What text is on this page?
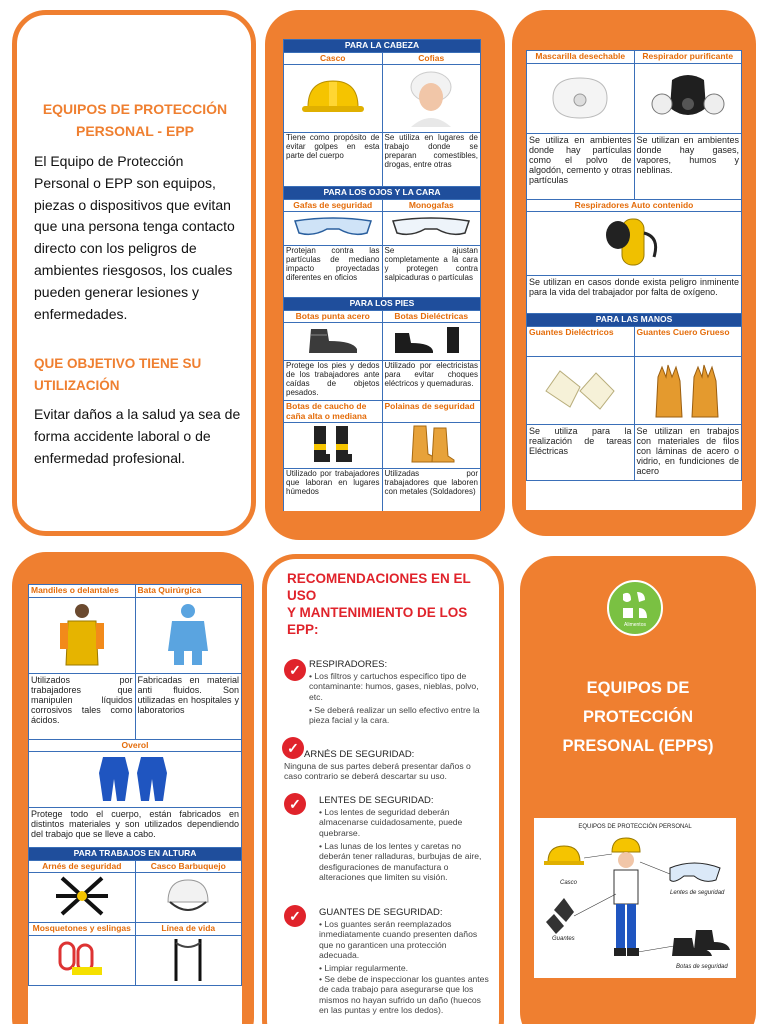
EQUIPOS DE PROTECCIÓN PERSONAL - EPP
El Equipo de Protección Personal o EPP son equipos, piezas o dispositivos que evitan que una persona tenga contacto directo con los peligros de ambientes riesgosos, los cuales pueden generar lesiones y enfermedades.
QUE OBJETIVO TIENE SU UTILIZACIÓN
Evitar daños a la salud ya sea de forma accidente laboral o de enfermedad profesional.
PARA LA CABEZA	
Casco	Cofias

Tiene como propósito de evitar golpes en esta parte del cuerpo	Se utiliza en lugares de trabajo donde se preparan comestibles, drogas, entre otras
PARA LOS OJOS Y LA CARA	
Gafas de seguridad	Monogafas

Protejan contra las partículas de mediano impacto proyectadas diferentes en oficios	Se ajustan completamente a la cara y protegen contra salpicaduras o partículas
PARA LOS PIES	
Botas punta acero	Botas Dieléctricas

Protege los pies y dedos de los trabajadores ante caídas de objetos pesados.	Utilizado por electricistas para evitar choques eléctricos y quemaduras.
Botas de caucho de caña alta o mediana	Polainas de seguridad

Utilizado por trabajadores que laboran en lugares húmedos	Utilizadas por trabajadores que laboren con metales (Soldadores)
Mascarilla desechable	Respirador purificante

Se utiliza en ambientes donde hay partículas como el polvo de algodón, cemento y otras partículas	Se utilizan en ambientes donde hay gases, vapores, humos y neblinas.
Respiradores Auto contenido	

Se utilizan en casos donde exista peligro inminente para la vida del trabajador por falta de oxígeno.	
PARA LAS MANOS	
Guantes Dieléctricos	Guantes Cuero Grueso

Se utiliza para la realización de tareas Eléctricas	Se utilizan en trabajos con materiales de filos con láminas de acero o vidrio, en fundiciones de acero
Mandiles o delantales	Bata Quirúrgica

Utilizados por trabajadores que manipulen líquidos corrosivos tales como ácidos.	Fabricadas en material anti fluidos. Son utilizadas en hospitales y laboratorios
Overol	

Protege todo el cuerpo, están fabricados en distintos materiales y son utilizados dependiendo del trabajo que se lleve a cabo.	
PARA TRABAJOS EN ALTURA	
Arnés de seguridad	Casco Barbuquejo

Mosquetones y eslingas	Línea de vida

RECOMENDACIONES EN EL USO
Y MANTENIMIENTO DE LOS EPP:
✓ RESPIRADORES:
• Los filtros y cartuchos especifico tipo de contaminante: humos, gases, nieblas, polvo, etc.
• Se deberá realizar un sello efectivo entre la pieza facial y la cara.
✓ ARNÉS DE SEGURIDAD:
Ninguna de sus partes deberá presentar daños o caso contrario se deberá descartar su uso.
✓	LENTES DE SEGURIDAD:
• Los lentes de seguridad deberán almacenarse cuidadosamente, puede quebrarse.
• Las lunas de los lentes y caretas no deberán tener ralladuras, burbujas de aire, desfiguraciones de manufactura o alteraciones que limiten su visión.
✓	GUANTES DE SEGURIDAD:
• Los guantes serán reemplazados inmediatamente cuando presenten daños que no garanticen una protección adecuada.
• Limpiar regularmente.
• Se debe de inspeccionar los guantes antes de cada trabajo para asegurarse que los mismos no hayan sufrido un daño (huecos en las puntas y entre los dedos).
Alimentos
EQUIPOS DE PROTECCIÓN PRESONAL (EPPS)
EQUIPOS DE PROTECCIÓN PERSONAL
Casco
Lentes de seguridad
Guantes
Botas de seguridad
